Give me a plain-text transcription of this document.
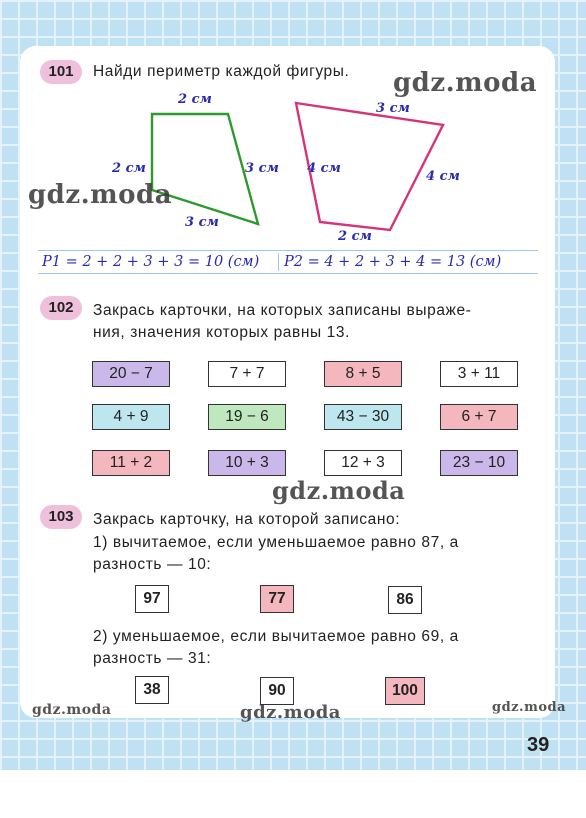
101	Найди периметр каждой фигуры.
2 см
2 см	3 см
3 см
3 см
4 см
4 см
2 см
P1 = 2 + 2 + 3 + 3 = 10 (см) P2 = 4 + 2 + 3 + 4 = 13 (см)
102	Закрась карточки, на которых записаны выраже-
ния, значения которых равны 13.
20 − 7	7 + 7	8 + 5	3 + 11
4 + 9	19 − 6	43 − 30	6 + 7
11 + 2	10 + 3	12 + 3	23 − 10
103	Закрась карточку, на которой записано:
1) вычитаемое, если уменьшаемое равно 87, а
разность — 10:
97	77	86
2) уменьшаемое, если вычитаемое равно 69, а
разность — 31:
38	90	100
gdz.moda
gdz.moda
gdz.moda
gdz.moda	gdz.moda	gdz.moda
39
